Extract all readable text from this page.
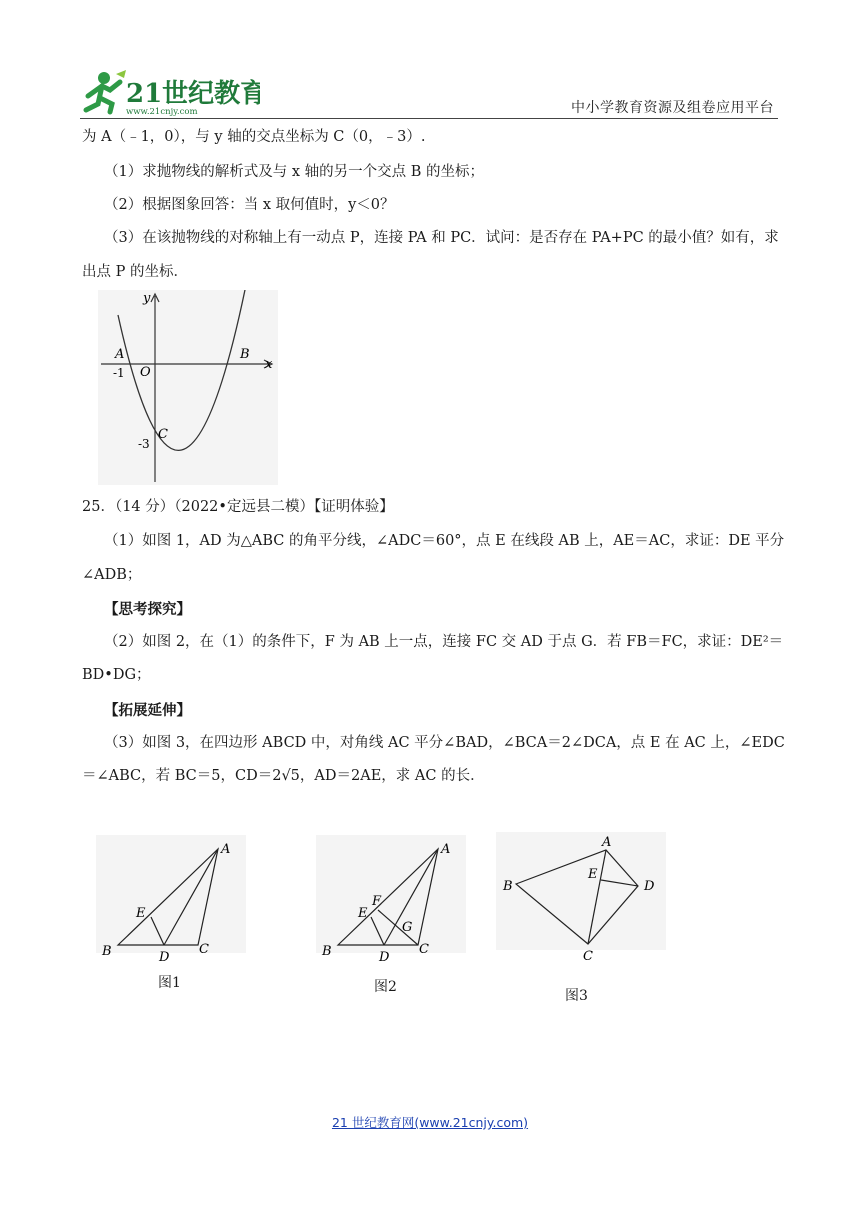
21世纪教育
www.21cnjy.com	中小学教育资源及组卷应用平台
为 A（﹣1，0），与 y 轴的交点坐标为 C（0，﹣3）.
（1）求抛物线的解析式及与 x 轴的另一个交点 B 的坐标；
（2）根据图象回答：当 x 取何值时，y＜0？
（3）在该抛物线的对称轴上有一动点 P，连接 PA 和 PC．试问：是否存在 PA+PC 的最小值？如有，求
出点 P 的坐标．
y
x
A	B
-1 O
C
-3
25．（14 分）（2022•定远县二模）【证明体验】
（1）如图 1，AD 为△ABC 的角平分线，∠ADC＝60°，点 E 在线段 AB 上，AE＝AC，求证：DE 平分
∠ADB；
【思考探究】
（2）如图 2，在（1）的条件下，F 为 AB 上一点，连接 FC 交 AD 于点 G．若 FB＝FC，求证：DE²＝
BD•DG；
【拓展延伸】
（3）如图 3，在四边形 ABCD 中，对角线 AC 平分∠BAD，∠BCA＝2∠DCA，点 E 在 AC 上，∠EDC
＝∠ABC，若 BC＝5，CD＝2√5，AD＝2AE，求 AC 的长．
A
B	C
D
E
图1
A
B	C
D
E
F
G
图2
A
B
C
D
E
图3
21 世纪教育网(www.21cnjy.com)
